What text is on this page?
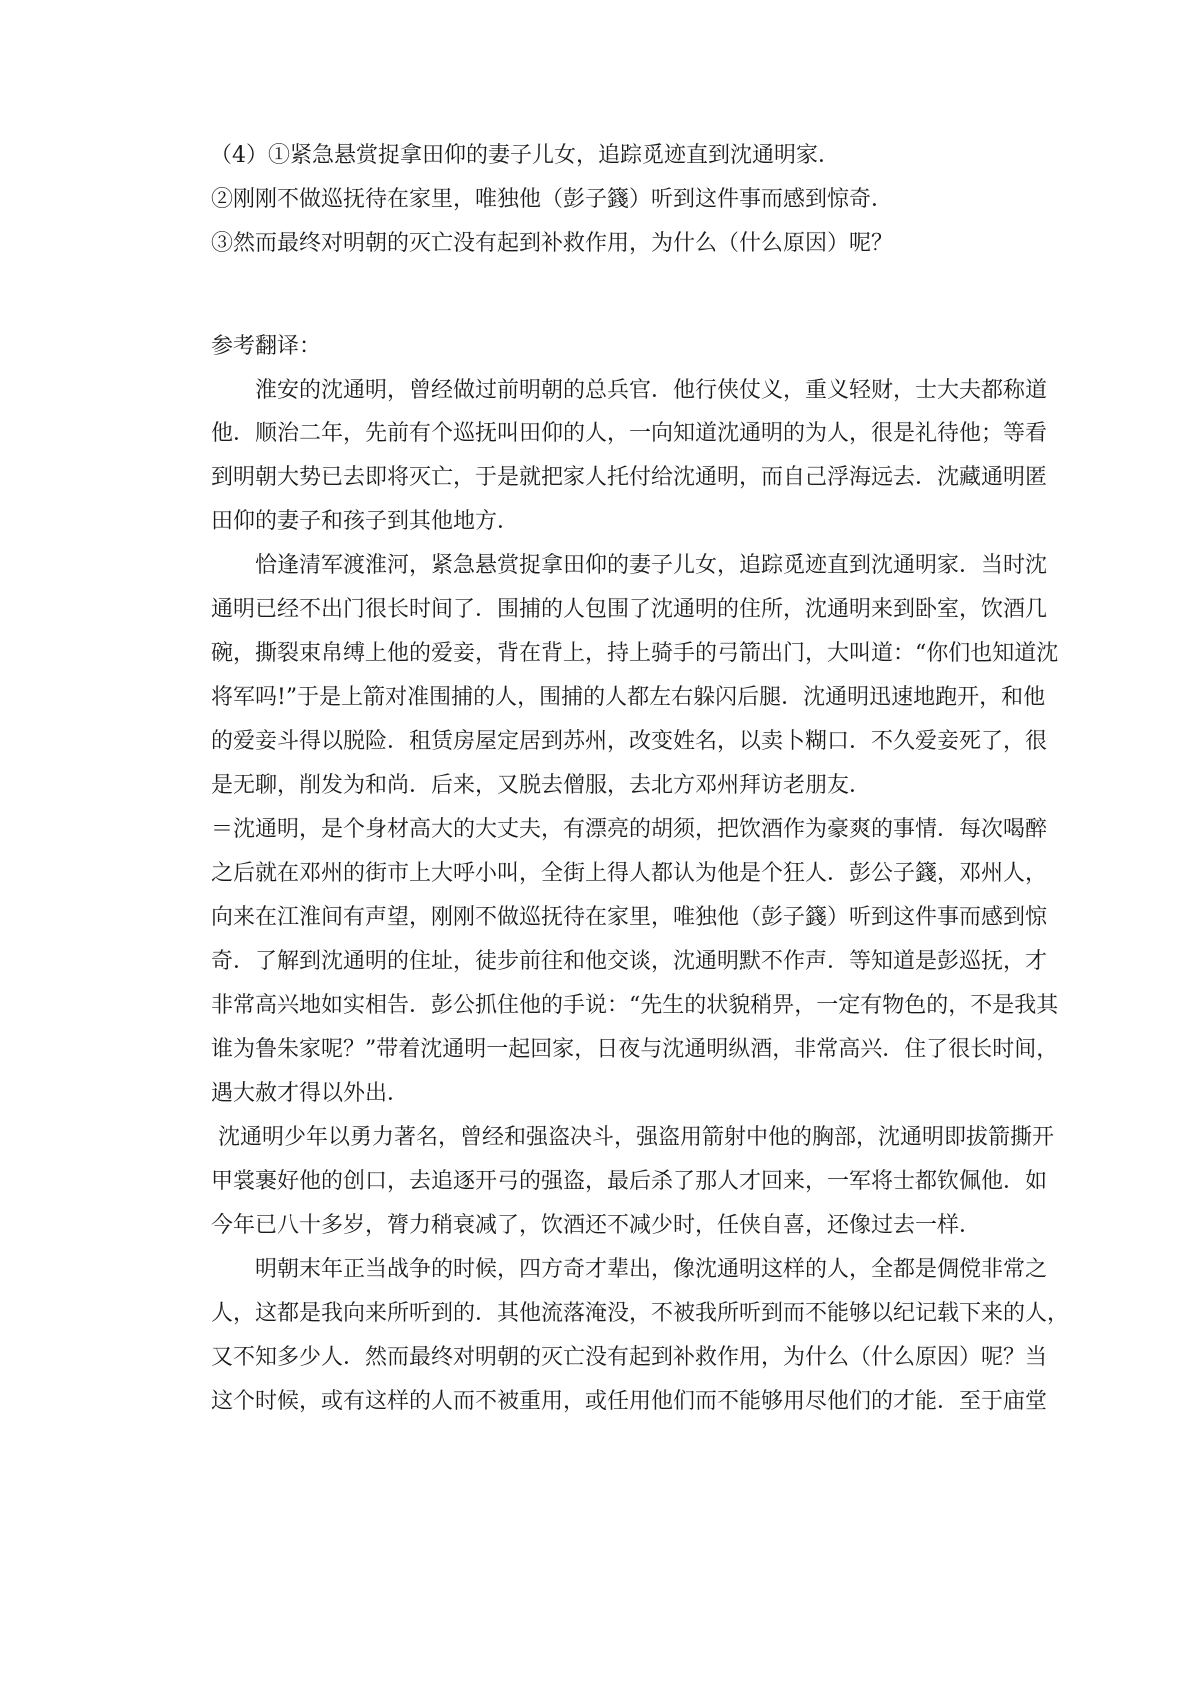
（4）①紧急悬赏捉拿田仰的妻子儿女，追踪觅迹直到沈通明家．
②刚刚不做巡抚待在家里，唯独他（彭子籛）听到这件事而感到惊奇．
③然而最终对明朝的灭亡没有起到补救作用，为什么（什么原因）呢？
参考翻译：
淮安的沈通明，曾经做过前明朝的总兵官．他行侠仗义，重义轻财，士大夫都称道
他．顺治二年，先前有个巡抚叫田仰的人，一向知道沈通明的为人，很是礼待他；等看
到明朝大势已去即将灭亡，于是就把家人托付给沈通明，而自己浮海远去．沈藏通明匿
田仰的妻子和孩子到其他地方．
恰逢清军渡淮河，紧急悬赏捉拿田仰的妻子儿女，追踪觅迹直到沈通明家．当时沈
通明已经不出门很长时间了．围捕的人包围了沈通明的住所，沈通明来到卧室，饮酒几
碗，撕裂束帛缚上他的爱妾，背在背上，持上骑手的弓箭出门，大叫道：“你们也知道沈
将军吗!”于是上箭对准围捕的人，围捕的人都左右躲闪后腿．沈通明迅速地跑开，和他
的爱妾斗得以脱险．租赁房屋定居到苏州，改变姓名，以卖卜糊口．不久爱妾死了，很
是无聊，削发为和尚．后来，又脱去僧服，去北方邓州拜访老朋友．
＝沈通明，是个身材高大的大丈夫，有漂亮的胡须，把饮酒作为豪爽的事情．每次喝醉
之后就在邓州的街市上大呼小叫，全街上得人都认为他是个狂人．彭公子籛，邓州人，
向来在江淮间有声望，刚刚不做巡抚待在家里，唯独他（彭子籛）听到这件事而感到惊
奇．了解到沈通明的住址，徒步前往和他交谈，沈通明默不作声．等知道是彭巡抚，才
非常高兴地如实相告．彭公抓住他的手说：“先生的状貌稍畀，一定有物色的，不是我其
谁为鲁朱家呢？”带着沈通明一起回家，日夜与沈通明纵酒，非常高兴．住了很长时间，
遇大赦才得以外出．
沈通明少年以勇力著名，曾经和强盗决斗，强盗用箭射中他的胸部，沈通明即拔箭撕开
甲裳裹好他的创口，去追逐开弓的强盗，最后杀了那人才回来，一军将士都钦佩他．如
今年已八十多岁，膂力稍衰减了，饮酒还不减少时，任侠自喜，还像过去一样．
明朝末年正当战争的时候，四方奇才辈出，像沈通明这样的人，全都是倜傥非常之
人，这都是我向来所听到的．其他流落淹没，不被我所听到而不能够以纪记载下来的人，
又不知多少人．然而最终对明朝的灭亡没有起到补救作用，为什么（什么原因）呢？当
这个时候，或有这样的人而不被重用，或任用他们而不能够用尽他们的才能．至于庙堂
